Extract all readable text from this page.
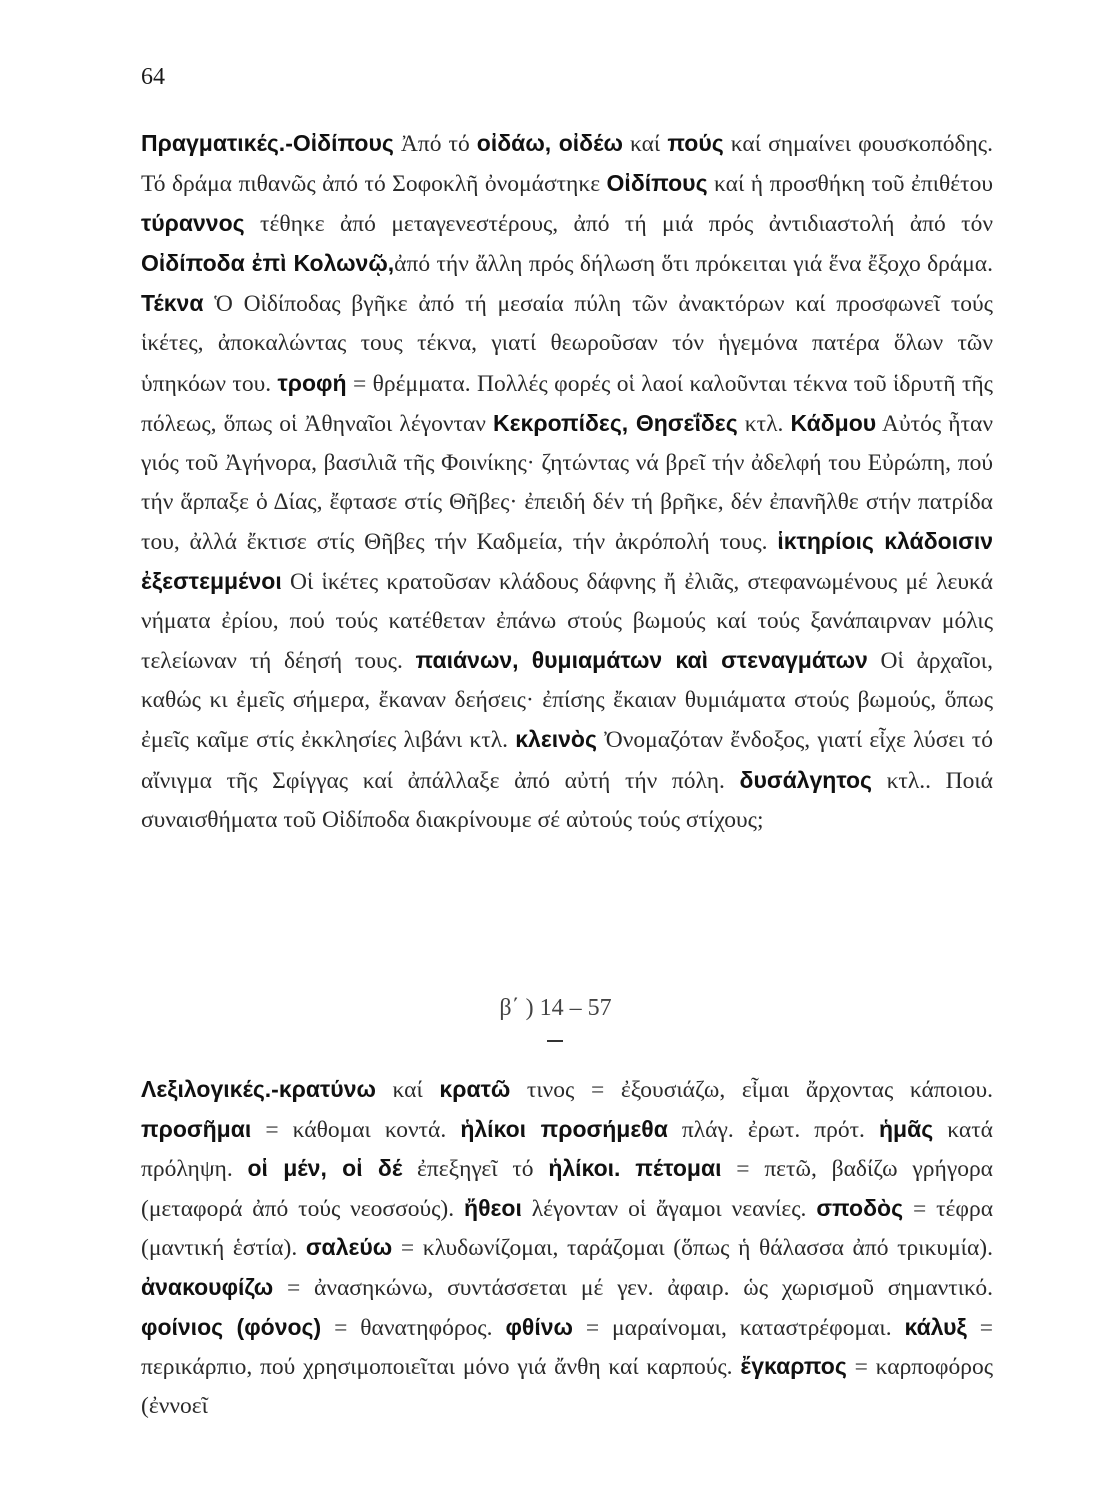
64
Πραγματικές.-Οἰδίπους Ἀπό τό οἰδάω, οἰδέω καί πούς καί σημαίνει φουσκοπόδης. Τό δράμα πιθανῶς ἀπό τό Σοφοκλῆ ὀνομάστηκε Οἰδίπους καί ἡ προσθήκη τοῦ ἐπιθέτου τύραννος τέθηκε ἀπό μεταγενεστέρους, ἀπό τή μιά πρός ἀντιδιαστολή ἀπό τόν Οἰδίποδα ἐπὶ Κολωνῷ,ἀπό τήν ἄλλη πρός δήλωση ὅτι πρόκειται γιά ἕνα ἔξοχο δράμα. Τέκνα Ὁ Οἰδίποδας βγῆκε ἀπό τή μεσαία πύλη τῶν ἀνακτόρων καί προσφωνεῖ τούς ἱκέτες, ἀποκαλώντας τους τέκνα, γιατί θεωροῦσαν τόν ἡγεμόνα πατέρα ὅλων τῶν ὑπηκόων του. τροφή = θρέμματα. Πολλές φορές οἱ λαοί καλοῦνται τέκνα τοῦ ἱδρυτῆ τῆς πόλεως, ὅπως οἱ Ἀθηναῖοι λέγονταν Κεκροπίδες, Θησεΐδες κτλ. Κάδμου Αὐτός ἦταν γιός τοῦ Ἀγήνορα, βασιλιᾶ τῆς Φοινίκης· ζητώντας νά βρεῖ τήν ἀδελφή του Εὐρώπη, πού τήν ἅρπαξε ὁ Δίας, ἔφτασε στίς Θῆβες· ἐπειδή δέν τή βρῆκε, δέν ἐπανῆλθε στήν πατρίδα του, ἀλλά ἔκτισε στίς Θῆβες τήν Καδμεία, τήν ἀκρόπολή τους. ἱκτηρίοις κλάδοισιν ἐξεστεμμένοι Οἱ ἱκέτες κρατοῦσαν κλάδους δάφνης ἤ ἐλιᾶς, στεφανωμένους μέ λευκά νήματα ἐρίου, πού τούς κατέθεταν ἐπάνω στούς βωμούς καί τούς ξανάπαιρναν μόλις τελείωναν τή δέησή τους. παιάνων, θυμιαμάτων καὶ στεναγμάτων Οἱ ἀρχαῖοι, καθώς κι ἐμεῖς σήμερα, ἔκαναν δεήσεις· ἐπίσης ἔκαιαν θυμιάματα στούς βωμούς, ὅπως ἐμεῖς καῖμε στίς ἐκκλησίες λιβάνι κτλ. κλεινὸς Ὀνομαζόταν ἔνδοξος, γιατί εἶχε λύσει τό αἴνιγμα τῆς Σφίγγας καί ἀπάλλαξε ἀπό αὐτή τήν πόλη. δυσάλγητος κτλ.. Ποιά συναισθήματα τοῦ Οἰδίποδα διακρίνουμε σέ αὐτούς τούς στίχους;
β΄ ) 14 – 57
Λεξιλογικές.-κρατύνω καί κρατῶ τινος = ἐξουσιάζω, εἶμαι ἄρχοντας κάποιου. προσῆμαι = κάθομαι κοντά. ἡλίκοι προσήμεθα πλάγ. ἐρωτ. πρότ. ἡμᾶς κατά πρόληψη. οἱ μέν, οἱ δέ ἐπεξηγεῖ τό ἡλίκοι. πέτομαι = πετῶ, βαδίζω γρήγορα (μεταφορά ἀπό τούς νεοσσούς). ἤθεοι λέγονταν οἱ ἄγαμοι νεανίες. σποδὸς = τέφρα (μαντική ἑστία). σαλεύω = κλυδωνίζομαι, ταράζομαι (ὅπως ἡ θάλασσα ἀπό τρικυμία). ἀνακουφίζω = ἀνασηκώνω, συντάσσεται μέ γεν. ἀφαιρ. ὡς χωρισμοῦ σημαντικό. φοίνιος (φόνος) = θανατηφόρος. φθίνω = μαραίνομαι, καταστρέφομαι. κάλυξ = περικάρπιο, πού χρησιμοποιεῖται μόνο γιά ἄνθη καί καρπούς. ἔγκαρπος = καρποφόρος (ἐννοεῖ
